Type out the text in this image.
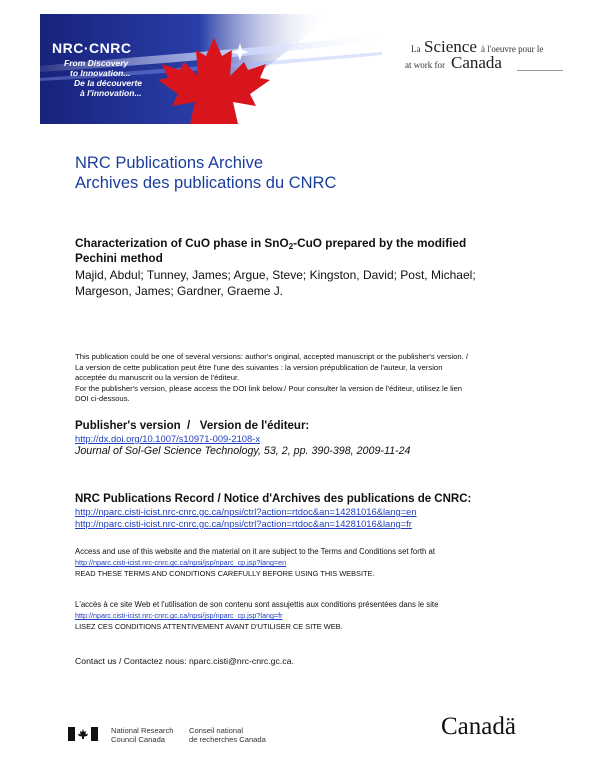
NRC·CNRC
From Discovery
to Innovation...
De la découverte
à l'innovation...
La Science à l'oeuvre pour le
at work for Canada
NRC Publications Archive
Archives des publications du CNRC
Characterization of CuO phase in SnO$_2$-CuO prepared by the modified
Pechini method
Majid, Abdul; Tunney, James; Argue, Steve; Kingston, David; Post, Michael;
Margeson, James; Gardner, Graeme J.
This publication could be one of several versions: author's original, accepted manuscript or the publisher's version. /
La version de cette publication peut être l'une des suivantes : la version prépublication de l'auteur, la version
acceptée du manuscrit ou la version de l'éditeur.
For the publisher's version, please access the DOI link below./ Pour consulter la version de l'éditeur, utilisez le lien
DOI ci-dessous.
Publisher's version  /   Version de l'éditeur:
http://dx.doi.org/10.1007/s10971-009-2108-x
Journal of Sol-Gel Science Technology, 53, 2, pp. 390-398, 2009-11-24
NRC Publications Record / Notice d'Archives des publications de CNRC:
http://nparc.cisti-icist.nrc-cnrc.gc.ca/npsi/ctrl?action=rtdoc&an=14281016&lang=en
http://nparc.cisti-icist.nrc-cnrc.gc.ca/npsi/ctrl?action=rtdoc&an=14281016&lang=fr
Access and use of this website and the material on it are subject to the Terms and Conditions set forth at
http://nparc.cisti-icist.nrc-cnrc.gc.ca/npsi/jsp/nparc_cp.jsp?lang=en
READ THESE TERMS AND CONDITIONS CAREFULLY BEFORE USING THIS WEBSITE.
L'accès à ce site Web et l'utilisation de son contenu sont assujettis aux conditions présentées dans le site
http://nparc.cisti-icist.nrc-cnrc.gc.ca/npsi/jsp/nparc_cp.jsp?lang=fr
LISEZ CES CONDITIONS ATTENTIVEMENT AVANT D'UTILISER CE SITE WEB.
Contact us / Contactez nous: nparc.cisti@nrc-cnrc.gc.ca.
National Research
Council Canada
Conseil national
de recherches Canada	Canadä
